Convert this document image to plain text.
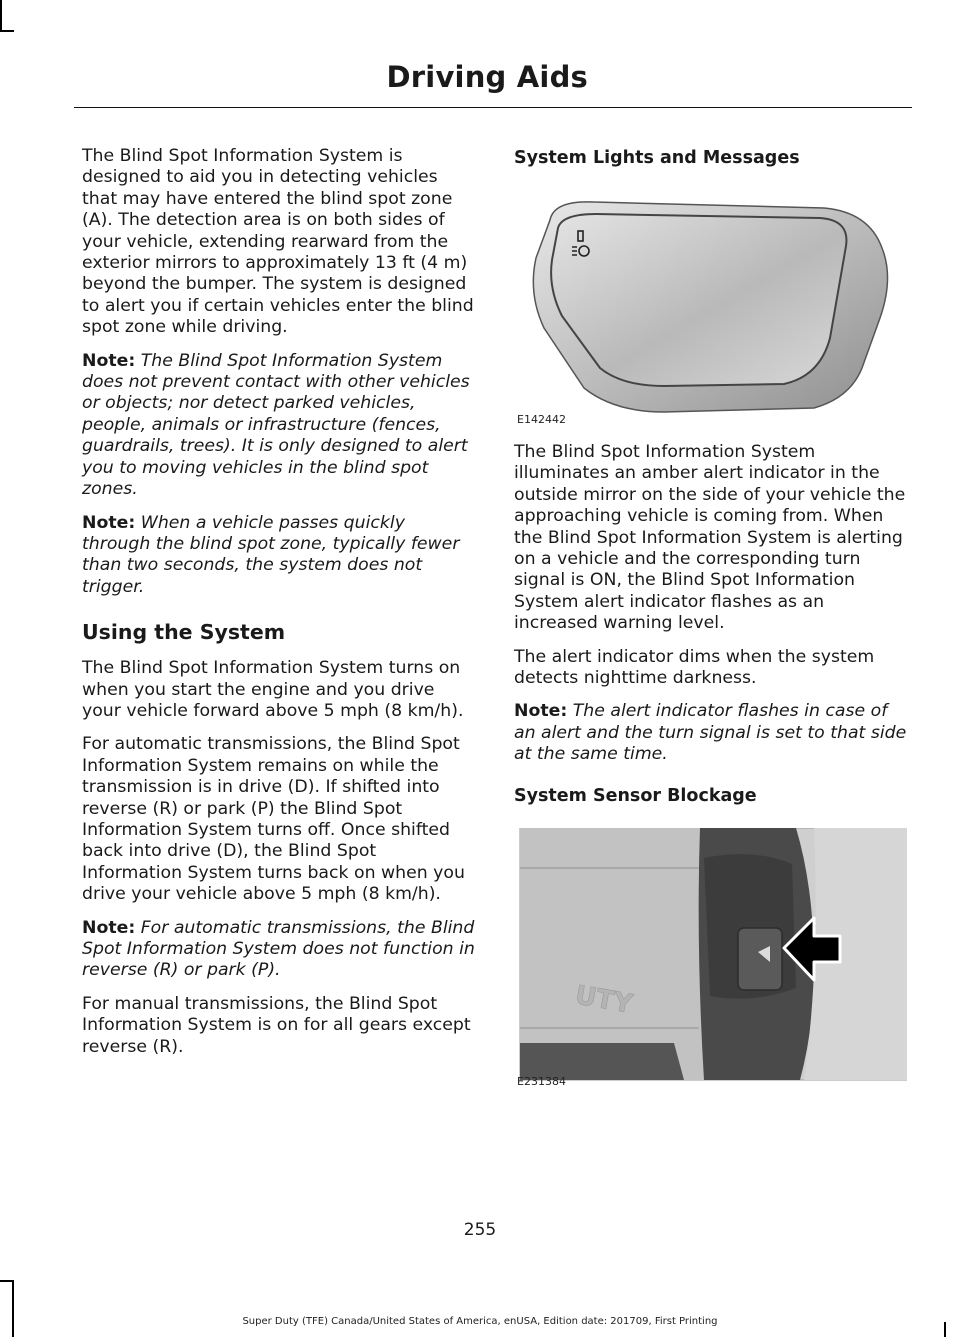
Driving Aids

The Blind Spot Information System is designed to aid you in detecting vehicles that may have entered the blind spot zone (A). The detection area is on both sides of your vehicle, extending rearward from the exterior mirrors to approximately 13 ft (4 m) beyond the bumper. The system is designed to alert you if certain vehicles enter the blind spot zone while driving.

Note: The Blind Spot Information System does not prevent contact with other vehicles or objects; nor detect parked vehicles, people, animals or infrastructure (fences, guardrails, trees). It is only designed to alert you to moving vehicles in the blind spot zones.

Note: When a vehicle passes quickly through the blind spot zone, typically fewer than two seconds, the system does not trigger.

Using the System

The Blind Spot Information System turns on when you start the engine and you drive your vehicle forward above 5 mph (8 km/h).

For automatic transmissions, the Blind Spot Information System remains on while the transmission is in drive (D). If shifted into reverse (R) or park (P) the Blind Spot Information System turns off. Once shifted back into drive (D), the Blind Spot Information System turns back on when you drive your vehicle above 5 mph (8 km/h).

Note: For automatic transmissions, the Blind Spot Information System does not function in reverse (R) or park (P).

For manual transmissions, the Blind Spot Information System is on for all gears except reverse (R).

System Lights and Messages
E142442

The Blind Spot Information System illuminates an amber alert indicator in the outside mirror on the side of your vehicle the approaching vehicle is coming from. When the Blind Spot Information System is alerting on a vehicle and the corresponding turn signal is ON, the Blind Spot Information System alert indicator flashes as an increased warning level.

The alert indicator dims when the system detects nighttime darkness.

Note: The alert indicator flashes in case of an alert and the turn signal is set to that side at the same time.

System Sensor Blockage
UTY
E231384
255
Super Duty (TFE) Canada/United States of America, enUSA, Edition date: 201709, First Printing
